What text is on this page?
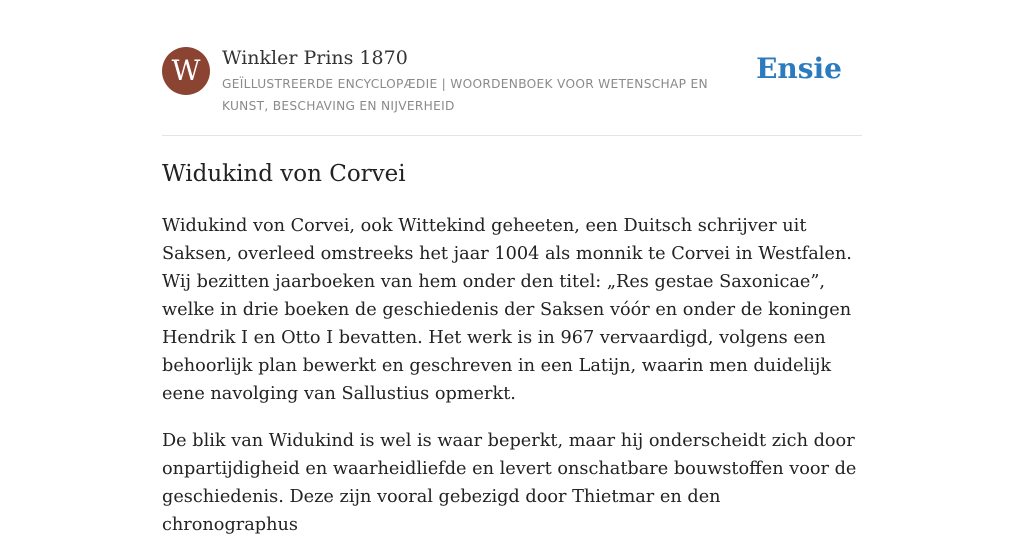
W	Winkler Prins 1870
GEÏLLUSTREERDE ENCYCLOPÆDIE | WOORDENBOEK VOOR WETENSCHAP EN KUNST, BESCHAVING EN NIJVERHEID
Ensie
Widukind von Corvei

Widukind von Corvei, ook Wittekind geheeten, een Duitsch schrijver uit Saksen, overleed omstreeks het jaar 1004 als monnik te Corvei in Westfalen. Wij bezitten jaarboeken van hem onder den titel: „Res gestae Saxonicae”, welke in drie boeken de geschiedenis der Saksen vóór en onder de koningen Hendrik I en Otto I bevatten. Het werk is in 967 vervaardigd, volgens een behoorlijk plan bewerkt en geschreven in een Latijn, waarin men duidelijk eene navolging van Sallustius opmerkt.

De blik van Widukind is wel is waar beperkt, maar hij onderscheidt zich door onpartijdigheid en waarheidliefde en levert onschatbare bouwstoffen voor de geschiedenis. Deze zijn vooral gebezigd door Thietmar en den chronographus
